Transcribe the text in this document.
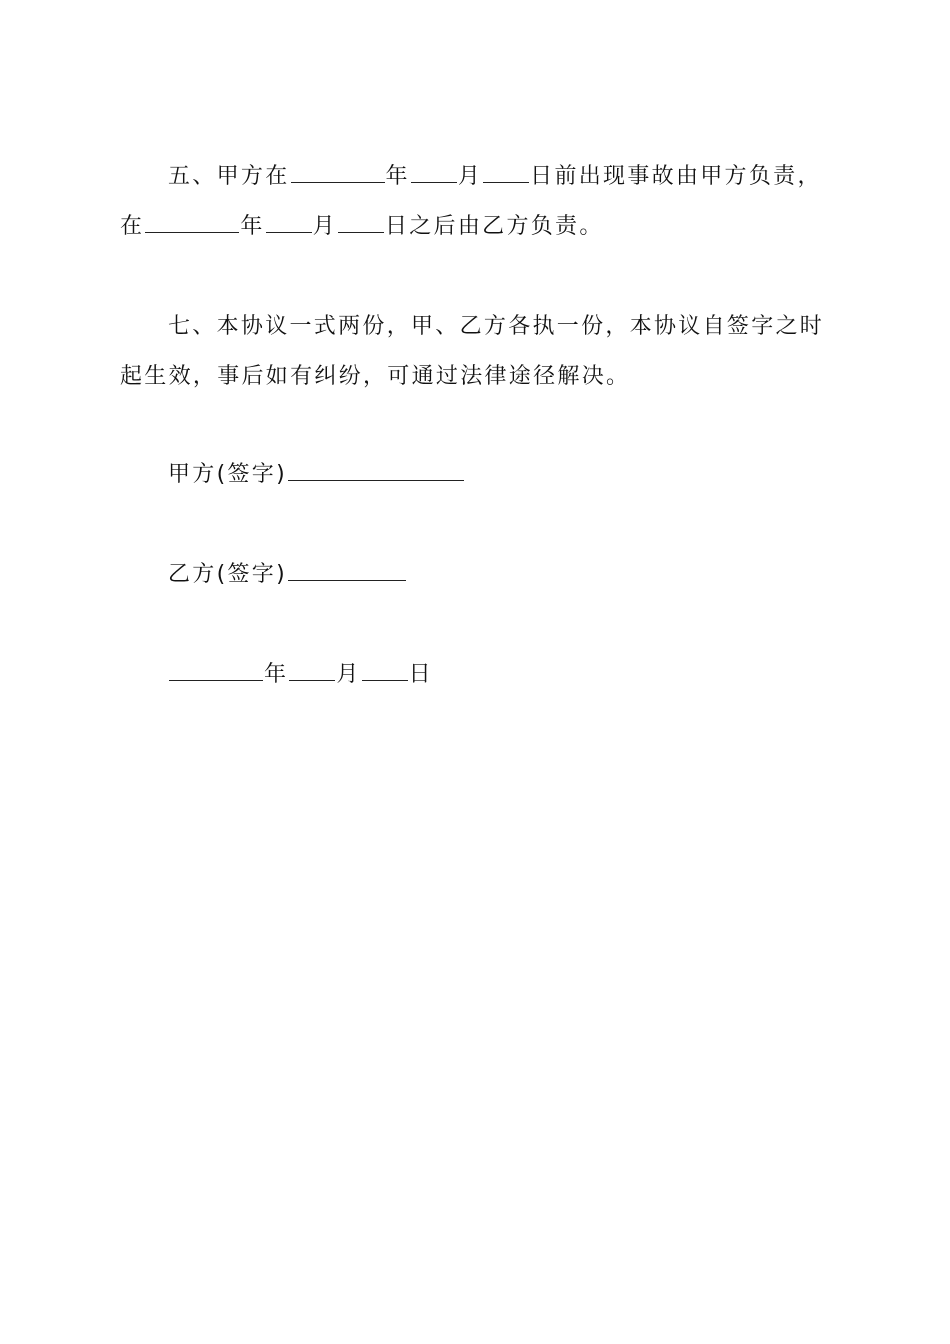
五、甲方在	年 月 日前出现事故由甲方负责，
在	年 月 日之后由乙方负责。
七、本协议一式两份，甲、乙方各执一份，本协议自签字之时
起生效，事后如有纠纷，可通过法律途径解决。
甲方(签字)
乙方(签字)
年 月 日
